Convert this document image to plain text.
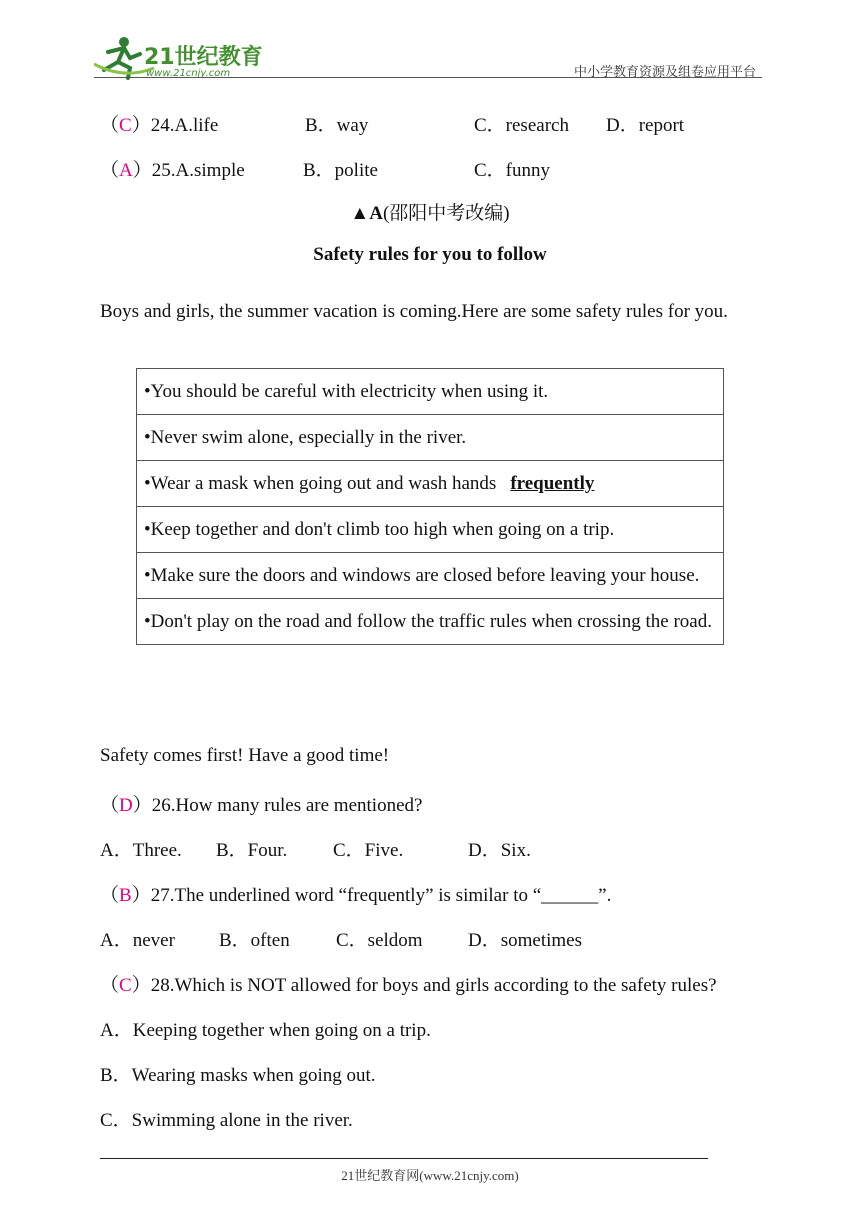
21世纪教育
www.21cnjy.com	中小学教育资源及组卷应用平台
（C）24.A.life	B．way	C．research D．report
（A）25.A.simple	B．polite	C．funny
▲A(邵阳中考改编)
Safety rules for you to follow
Boys and girls, the summer vacation is coming.Here are some safety rules for you.
•You should be careful with electricity when using it.
•Never swim alone, especially in the river.
•Wear a mask when going out and wash hands frequently
•Keep together and don't climb too high when going on a trip.
•Make sure the doors and windows are closed before leaving your house.
•Don't play on the road and follow the traffic rules when crossing the road.
Safety comes first! Have a good time!
（D）26.How many rules are mentioned?
A．Three. B．Four. C．Five.	D．Six.
（B）27.The underlined word “frequently” is similar to “______”.
A．never B．often C．seldom D．sometimes
（C）28.Which is NOT allowed for boys and girls according to the safety rules?
A．Keeping together when going on a trip.
B．Wearing masks when going out.
C．Swimming alone in the river.
21世纪教育网(www.21cnjy.com)
